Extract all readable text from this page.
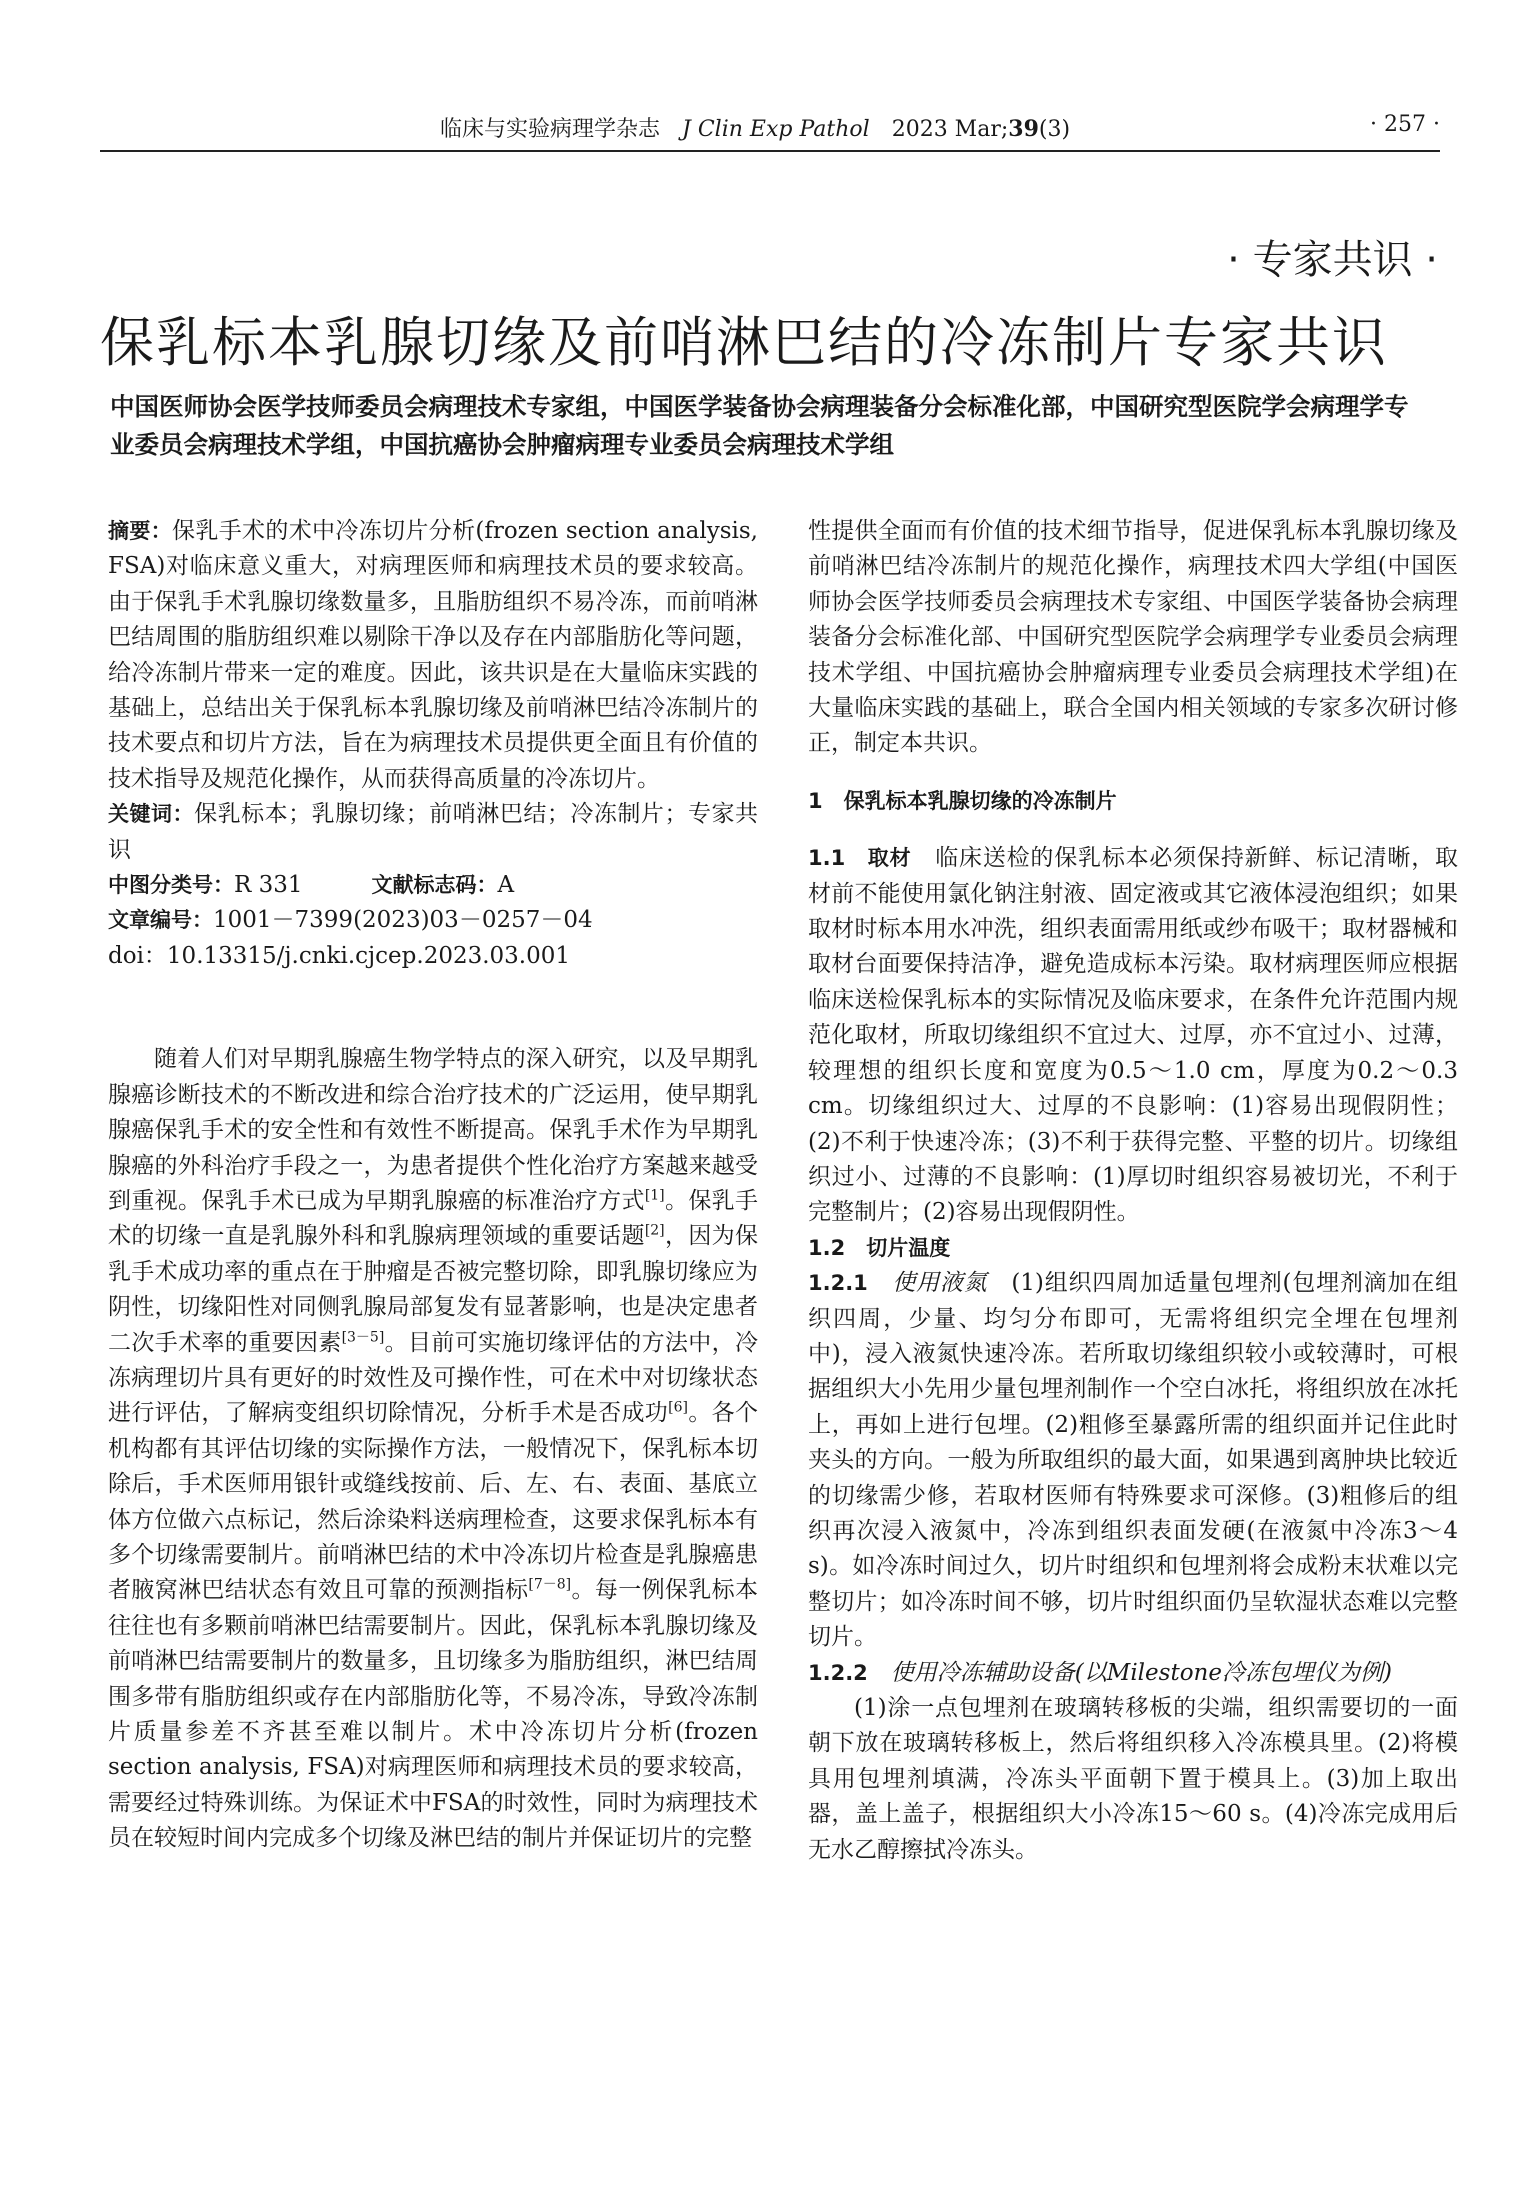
临床与实验病理学杂志　 J Clin Exp Pathol　 2023 Mar;39(3)	· 257 ·
· 专家共识 ·
保乳标本乳腺切缘及前哨淋巴结的冷冻制片专家共识
中国医师协会医学技师委员会病理技术专家组，中国医学装备协会病理装备分会标准化部，中国研究型医院学会病理学专业委员会病理技术学组，中国抗癌协会肿瘤病理专业委员会病理技术学组

摘要：保乳手术的术中冷冻切片分析(frozen section analysis, FSA)对临床意义重大，对病理医师和病理技术员的要求较高。由于保乳手术乳腺切缘数量多，且脂肪组织不易冷冻，而前哨淋巴结周围的脂肪组织难以剔除干净以及存在内部脂肪化等问题，给冷冻制片带来一定的难度。因此，该共识是在大量临床实践的基础上，总结出关于保乳标本乳腺切缘及前哨淋巴结冷冻制片的技术要点和切片方法，旨在为病理技术员提供更全面且有价值的技术指导及规范化操作，从而获得高质量的冷冻切片。

关键词：保乳标本；乳腺切缘；前哨淋巴结；冷冻制片；专家共识

中图分类号：R 331　　　	文献标志码：A

文章编号：1001－7399(2023)03－0257－04

doi：10.13315/j.cnki.cjcep.2023.03.001

随着人们对早期乳腺癌生物学特点的深入研究，以及早期乳腺癌诊断技术的不断改进和综合治疗技术的广泛运用，使早期乳腺癌保乳手术的安全性和有效性不断提高。保乳手术作为早期乳腺癌的外科治疗手段之一，为患者提供个性化治疗方案越来越受到重视。保乳手术已成为早期乳腺癌的标准治疗方式[1]。保乳手术的切缘一直是乳腺外科和乳腺病理领域的重要话题[2]，因为保乳手术成功率的重点在于肿瘤是否被完整切除，即乳腺切缘应为阴性，切缘阳性对同侧乳腺局部复发有显著影响，也是决定患者二次手术率的重要因素[3－5]。目前可实施切缘评估的方法中，冷冻病理切片具有更好的时效性及可操作性，可在术中对切缘状态进行评估，了解病变组织切除情况，分析手术是否成功[6]。各个机构都有其评估切缘的实际操作方法，一般情况下，保乳标本切除后，手术医师用银针或缝线按前、后、左、右、表面、基底立体方位做六点标记，然后涂染料送病理检查，这要求保乳标本有多个切缘需要制片。前哨淋巴结的术中冷冻切片检查是乳腺癌患者腋窝淋巴结状态有效且可靠的预测指标[7－8]。每一例保乳标本往往也有多颗前哨淋巴结需要制片。因此，保乳标本乳腺切缘及前哨淋巴结需要制片的数量多，且切缘多为脂肪组织，淋巴结周围多带有脂肪组织或存在内部脂肪化等，不易冷冻，导致冷冻制片质量参差不齐甚至难以制片。术中冷冻切片分析(frozen section analysis, FSA)对病理医师和病理技术员的要求较高，需要经过特殊训练。为保证术中FSA的时效性，同时为病理技术员在较短时间内完成多个切缘及淋巴结的制片并保证切片的完整

性提供全面而有价值的技术细节指导，促进保乳标本乳腺切缘及前哨淋巴结冷冻制片的规范化操作，病理技术四大学组(中国医师协会医学技师委员会病理技术专家组、中国医学装备协会病理装备分会标准化部、中国研究型医院学会病理学专业委员会病理技术学组、中国抗癌协会肿瘤病理专业委员会病理技术学组)在大量临床实践的基础上，联合全国内相关领域的专家多次研讨修正，制定本共识。

1　保乳标本乳腺切缘的冷冻制片

1.1　取材　 临床送检的保乳标本必须保持新鲜、标记清晰，取材前不能使用氯化钠注射液、固定液或其它液体浸泡组织；如果取材时标本用水冲洗，组织表面需用纸或纱布吸干；取材器械和取材台面要保持洁净，避免造成标本污染。取材病理医师应根据临床送检保乳标本的实际情况及临床要求，在条件允许范围内规范化取材，所取切缘组织不宜过大、过厚，亦不宜过小、过薄，较理想的组织长度和宽度为0.5～1.0 cm，厚度为0.2～0.3 cm。切缘组织过大、过厚的不良影响：(1)容易出现假阴性；(2)不利于快速冷冻；(3)不利于获得完整、平整的切片。切缘组织过小、过薄的不良影响：(1)厚切时组织容易被切光，不利于完整制片；(2)容易出现假阴性。

1.2　切片温度

1.2.1　 使用液氮　 (1)组织四周加适量包埋剂(包埋剂滴加在组织四周，少量、均匀分布即可，无需将组织完全埋在包埋剂中)，浸入液氮快速冷冻。若所取切缘组织较小或较薄时，可根据组织大小先用少量包埋剂制作一个空白冰托，将组织放在冰托上，再如上进行包埋。(2)粗修至暴露所需的组织面并记住此时夹头的方向。一般为所取组织的最大面，如果遇到离肿块比较近的切缘需少修，若取材医师有特殊要求可深修。(3)粗修后的组织再次浸入液氮中，冷冻到组织表面发硬(在液氮中冷冻3～4 s)。如冷冻时间过久，切片时组织和包埋剂将会成粉末状难以完整切片；如冷冻时间不够，切片时组织面仍呈软湿状态难以完整切片。

1.2.2　 使用冷冻辅助设备(以Milestone冷冻包埋仪为例)

(1)涂一点包埋剂在玻璃转移板的尖端，组织需要切的一面朝下放在玻璃转移板上，然后将组织移入冷冻模具里。(2)将模具用包埋剂填满，冷冻头平面朝下置于模具上。(3)加上取出器，盖上盖子，根据组织大小冷冻15～60 s。(4)冷冻完成用后无水乙醇擦拭冷冻头。
